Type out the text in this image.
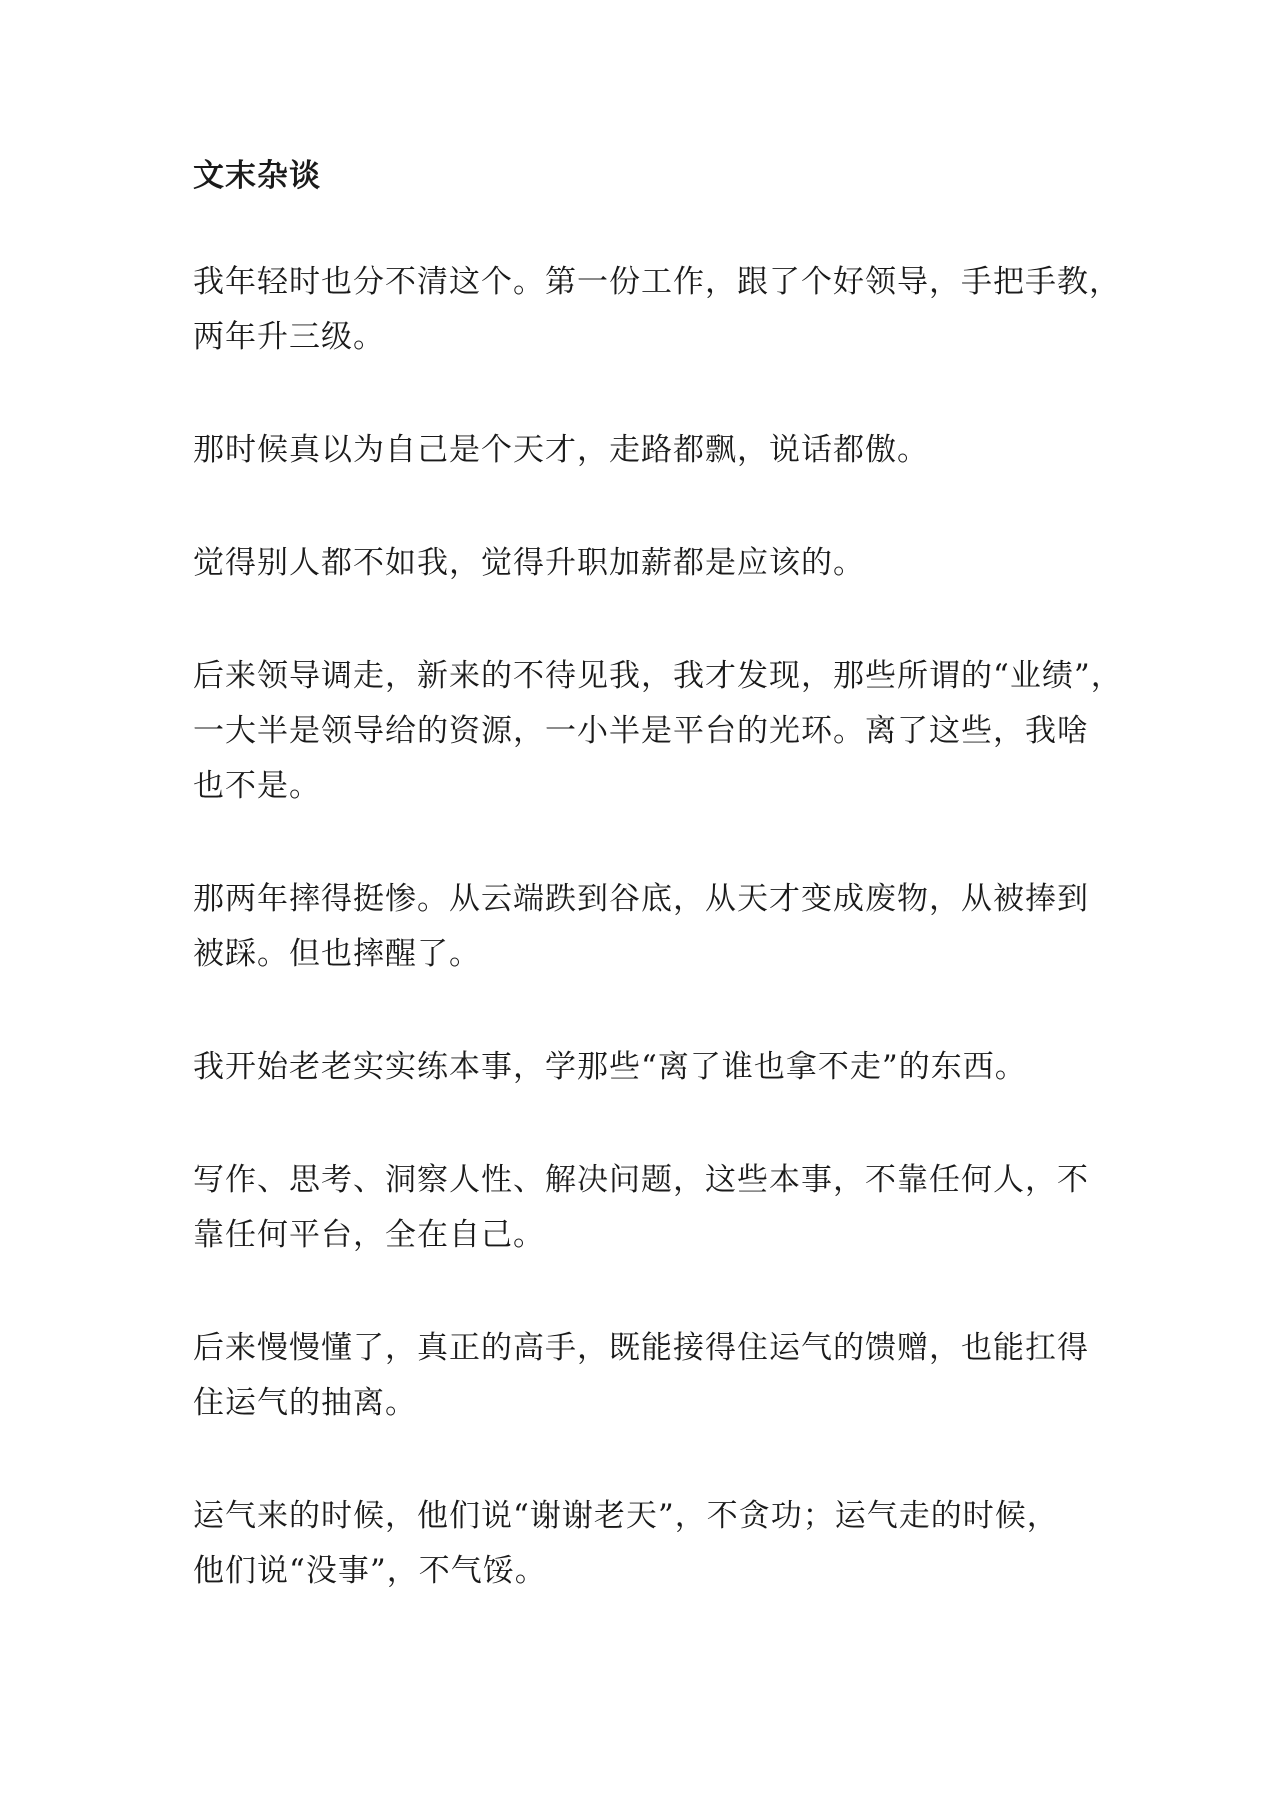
文末杂谈
我年轻时也分不清这个。第一份工作，跟了个好领导，手把手教，
两年升三级。
那时候真以为自己是个天才，走路都飘，说话都傲。
觉得别人都不如我，觉得升职加薪都是应该的。
后来领导调走，新来的不待见我，我才发现，那些所谓的“业绩”，
一大半是领导给的资源，一小半是平台的光环。离了这些，我啥
也不是。
那两年摔得挺惨。从云端跌到谷底，从天才变成废物，从被捧到
被踩。但也摔醒了。
我开始老老实实练本事，学那些“离了谁也拿不走”的东西。
写作、思考、洞察人性、解决问题，这些本事，不靠任何人，不
靠任何平台，全在自己。
后来慢慢懂了，真正的高手，既能接得住运气的馈赠，也能扛得
住运气的抽离。
运气来的时候，他们说“谢谢老天”，不贪功；运气走的时候，
他们说“没事”，不气馁。
